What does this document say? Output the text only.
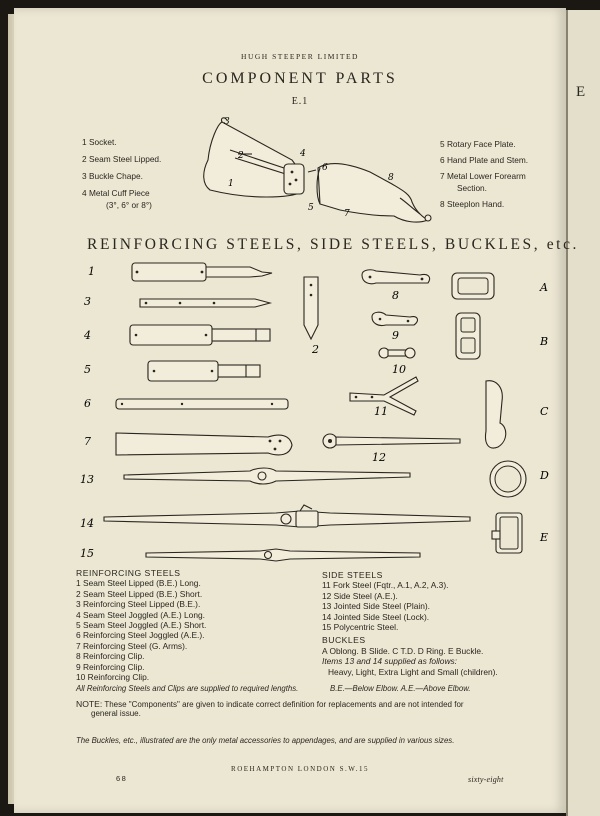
E
HUGH STEEPER LIMITED
COMPONENT PARTS
E.1
1 Socket.
2 Seam Steel Lipped.
3 Buckle Chape.
4 Metal Cuff Piece
(3°, 6° or 8°)
5 Rotary Face Plate.
6 Hand Plate and Stem.
7 Metal Lower Forearm
Section.
8 Steeplon Hand.
3
2
1
4
6
5
7
8
REINFORCING STEELS, SIDE STEELS, BUCKLES, etc.
1
3
4
5
6
7
13
14
15
2
8
9
10
11
12
A
B
C
D
E
REINFORCING STEELS
1 Seam Steel Lipped (B.E.) Long.
2 Seam Steel Lipped (B.E.) Short.
3 Reinforcing Steel Lipped (B.E.).
4 Seam Steel Joggled (A.E.) Long.
5 Seam Steel Joggled (A.E.) Short.
6 Reinforcing Steel Joggled (A.E.).
7 Reinforcing Steel (G. Arms).
8 Reinforcing Clip.
9 Reinforcing Clip.
10 Reinforcing Clip.
SIDE STEELS
11 Fork Steel (Fqtr., A.1, A.2, A.3).
12 Side Steel (A.E.).
13 Jointed Side Steel (Plain).
14 Jointed Side Steel (Lock).
15 Polycentric Steel.
BUCKLES
A Oblong. B Slide. C T.D. D Ring. E Buckle.
Items 13 and 14 supplied as follows:
Heavy, Light, Extra Light and Small (children).
All Reinforcing Steels and Clips are supplied to required lengths.	B.E.—Below Elbow. A.E.—Above Elbow.
NOTE: These "Components" are given to indicate correct definition for replacements and are not intended for
general issue.
The Buckles, etc., illustrated are the only metal accessories to appendages, and are supplied in various sizes.
68
ROEHAMPTON LONDON S.W.15
sixty-eight
